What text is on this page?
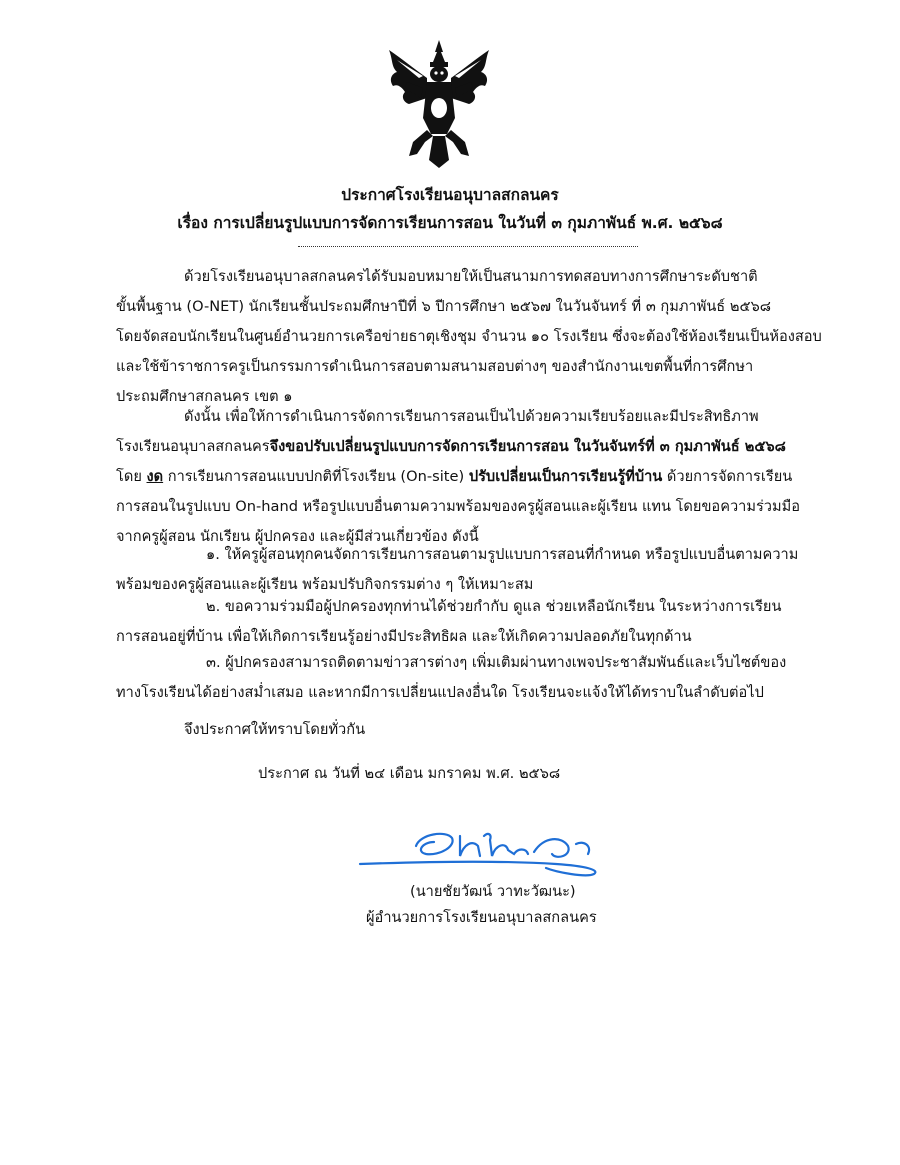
ประกาศโรงเรียนอนุบาลสกลนคร
เรื่อง การเปลี่ยนรูปแบบการจัดการเรียนการสอน ในวันที่ ๓ กุมภาพันธ์ พ.ศ. ๒๕๖๘
ด้วยโรงเรียนอนุบาลสกลนครได้รับมอบหมายให้เป็นสนามการทดสอบทางการศึกษาระดับชาติ
ขั้นพื้นฐาน (O-NET) นักเรียนชั้นประถมศึกษาปีที่ ๖ ปีการศึกษา ๒๕๖๗ ในวันจันทร์ ที่ ๓ กุมภาพันธ์ ๒๕๖๘
โดยจัดสอบนักเรียนในศูนย์อำนวยการเครือข่ายธาตุเชิงชุม จำนวน ๑๐ โรงเรียน ซึ่งจะต้องใช้ห้องเรียนเป็นห้องสอบ
และใช้ข้าราชการครูเป็นกรรมการดำเนินการสอบตามสนามสอบต่างๆ ของสำนักงานเขตพื้นที่การศึกษา
ประถมศึกษาสกลนคร เขต ๑
ดังนั้น เพื่อให้การดำเนินการจัดการเรียนการสอนเป็นไปด้วยความเรียบร้อยและมีประสิทธิภาพ
โรงเรียนอนุบาลสกลนครจึงขอปรับเปลี่ยนรูปแบบการจัดการเรียนการสอน ในวันจันทร์ที่ ๓ กุมภาพันธ์ ๒๕๖๘
โดย งด การเรียนการสอนแบบปกติที่โรงเรียน (On-site) ปรับเปลี่ยนเป็นการเรียนรู้ที่บ้าน ด้วยการจัดการเรียน
การสอนในรูปแบบ On-hand หรือรูปแบบอื่นตามความพร้อมของครูผู้สอนและผู้เรียน แทน โดยขอความร่วมมือ
จากครูผู้สอน นักเรียน ผู้ปกครอง และผู้มีส่วนเกี่ยวข้อง ดังนี้
๑. ให้ครูผู้สอนทุกคนจัดการเรียนการสอนตามรูปแบบการสอนที่กำหนด หรือรูปแบบอื่นตามความ
พร้อมของครูผู้สอนและผู้เรียน พร้อมปรับกิจกรรมต่าง ๆ ให้เหมาะสม
๒. ขอความร่วมมือผู้ปกครองทุกท่านได้ช่วยกำกับ ดูแล ช่วยเหลือนักเรียน ในระหว่างการเรียน
การสอนอยู่ที่บ้าน เพื่อให้เกิดการเรียนรู้อย่างมีประสิทธิผล และให้เกิดความปลอดภัยในทุกด้าน
๓. ผู้ปกครองสามารถติดตามข่าวสารต่างๆ เพิ่มเติมผ่านทางเพจประชาสัมพันธ์และเว็บไซต์ของ
ทางโรงเรียนได้อย่างสม่ำเสมอ และหากมีการเปลี่ยนแปลงอื่นใด โรงเรียนจะแจ้งให้ได้ทราบในลำดับต่อไป
จึงประกาศให้ทราบโดยทั่วกัน
ประกาศ ณ วันที่ ๒๔ เดือน มกราคม พ.ศ. ๒๕๖๘
(นายชัยวัฒน์ วาทะวัฒนะ)
ผู้อำนวยการโรงเรียนอนุบาลสกลนคร
